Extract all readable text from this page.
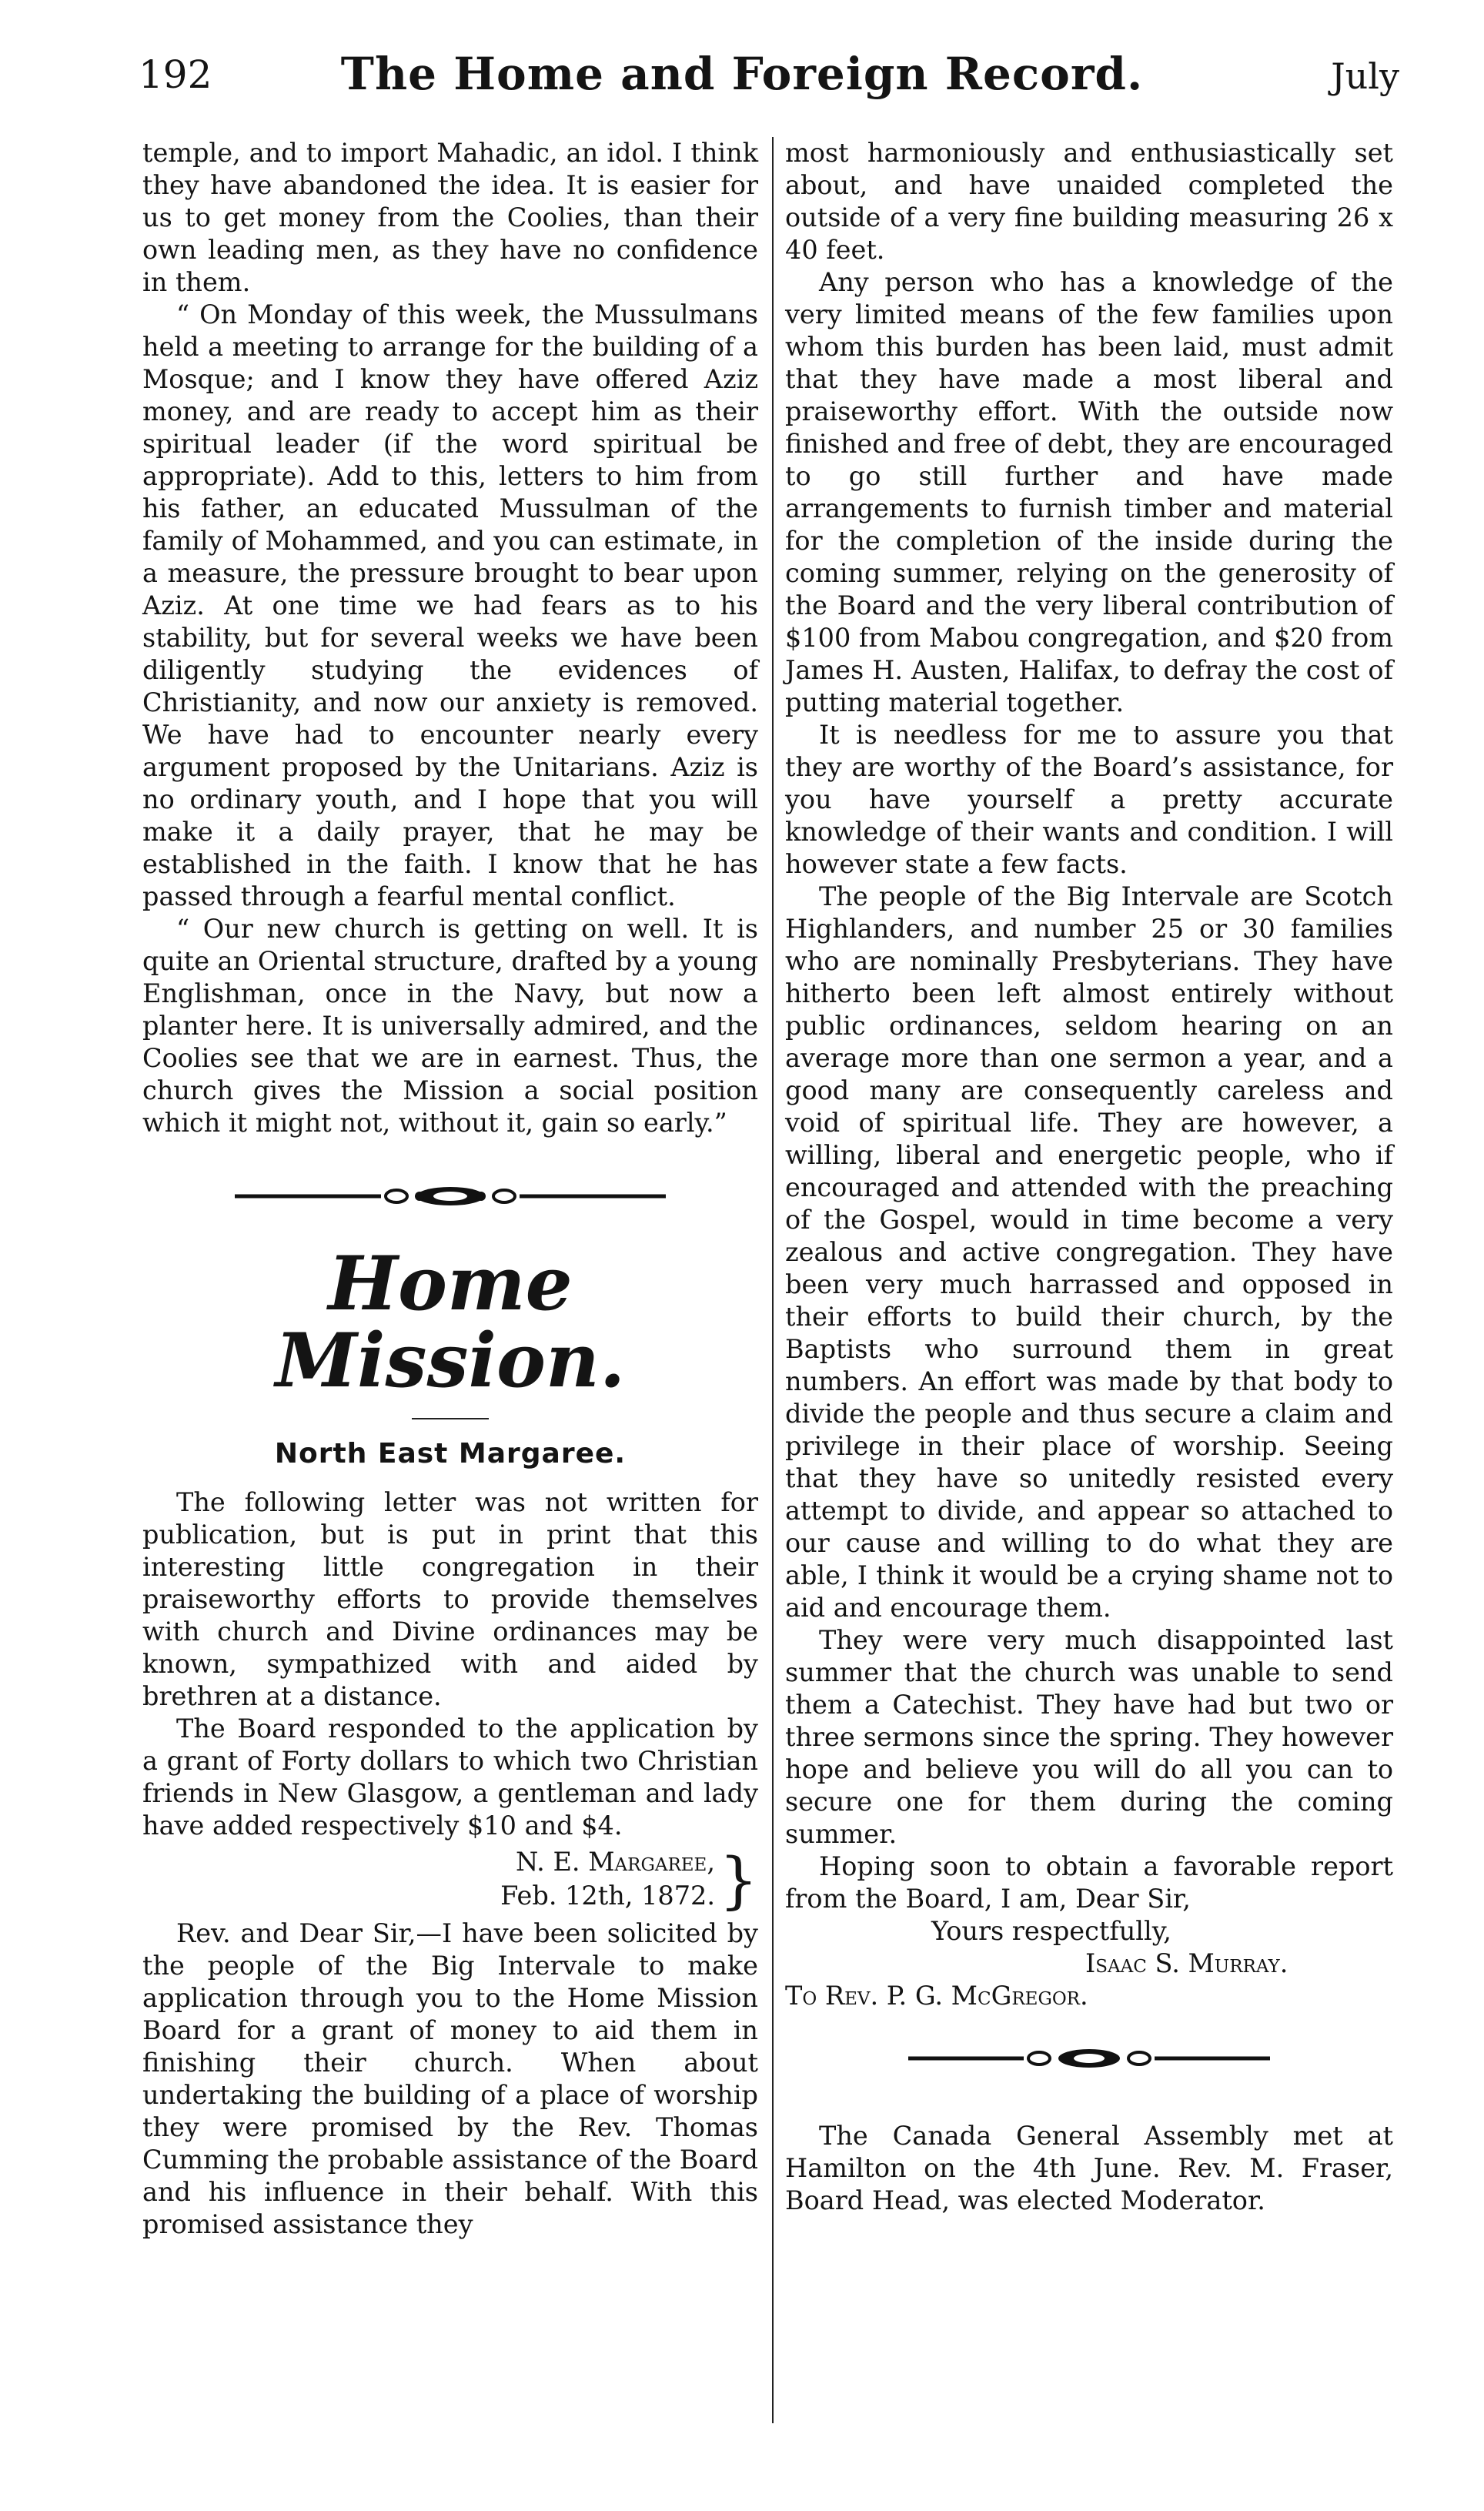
192	The Home and Foreign Record.	July

temple, and to import Mahadic, an idol. I think they have abandoned the idea. It is easier for us to get money from the Coolies, than their own leading men, as they have no confidence in them.

“ On Monday of this week, the Mussulmans held a meeting to arrange for the building of a Mosque; and I know they have offered Aziz money, and are ready to accept him as their spiritual leader (if the word spiritual be appropriate). Add to this, letters to him from his father, an educated Mussulman of the family of Mohammed, and you can estimate, in a measure, the pressure brought to bear upon Aziz. At one time we had fears as to his stability, but for several weeks we have been diligently studying the evidences of Christianity, and now our anxiety is removed. We have had to encounter nearly every argument proposed by the Unitarians. Aziz is no ordinary youth, and I hope that you will make it a daily prayer, that he may be established in the faith. I know that he has passed through a fearful mental conflict.

“ Our new church is getting on well. It is quite an Oriental structure, drafted by a young Englishman, once in the Navy, but now a planter here. It is universally admired, and the Coolies see that we are in earnest. Thus, the church gives the Mission a social position which it might not, without it, gain so early.”

Home Mission.
North East Margaree.

The following letter was not written for publication, but is put in print that this interesting little congregation in their praiseworthy efforts to provide themselves with church and Divine ordinances may be known, sympathized with and aided by brethren at a distance.

The Board responded to the application by a grant of Forty dollars to which two Christian friends in New Glasgow, a gentleman and lady have added respectively $10 and $4.

N. E. Margaree,
Feb. 12th, 1872. }

Rev. and Dear Sir,—I have been solicited by the people of the Big Intervale to make application through you to the Home Mission Board for a grant of money to aid them in finishing their church. When about undertaking the building of a place of worship they were promised by the Rev. Thomas Cumming the probable assistance of the Board and his influence in their behalf. With this promised assistance they

most harmoniously and enthusiastically set about, and have unaided completed the outside of a very fine building measuring 26 x 40 feet.

Any person who has a knowledge of the very limited means of the few families upon whom this burden has been laid, must admit that they have made a most liberal and praiseworthy effort. With the outside now finished and free of debt, they are encouraged to go still further and have made arrangements to furnish timber and material for the completion of the inside during the coming summer, relying on the generosity of the Board and the very liberal contribution of $100 from Mabou congregation, and $20 from James H. Austen, Halifax, to defray the cost of putting material together.

It is needless for me to assure you that they are worthy of the Board’s assistance, for you have yourself a pretty accurate knowledge of their wants and condition. I will however state a few facts.

The people of the Big Intervale are Scotch Highlanders, and number 25 or 30 families who are nominally Presbyterians. They have hitherto been left almost entirely without public ordinances, seldom hearing on an average more than one sermon a year, and a good many are consequently careless and void of spiritual life. They are however, a willing, liberal and energetic people, who if encouraged and attended with the preaching of the Gospel, would in time become a very zealous and active congregation. They have been very much harrassed and opposed in their efforts to build their church, by the Baptists who surround them in great numbers. An effort was made by that body to divide the people and thus secure a claim and privilege in their place of worship. Seeing that they have so unitedly resisted every attempt to divide, and appear so attached to our cause and willing to do what they are able, I think it would be a crying shame not to aid and encourage them.

They were very much disappointed last summer that the church was unable to send them a Catechist. They have had but two or three sermons since the spring. They however hope and believe you will do all you can to secure one for them during the coming summer.

Hoping soon to obtain a favorable report from the Board, I am, Dear Sir,

Yours respectfully,

Isaac S. Murray.

To Rev. P. G. McGregor.

The Canada General Assembly met at Hamilton on the 4th June. Rev. M. Fraser, Board Head, was elected Moderator.
